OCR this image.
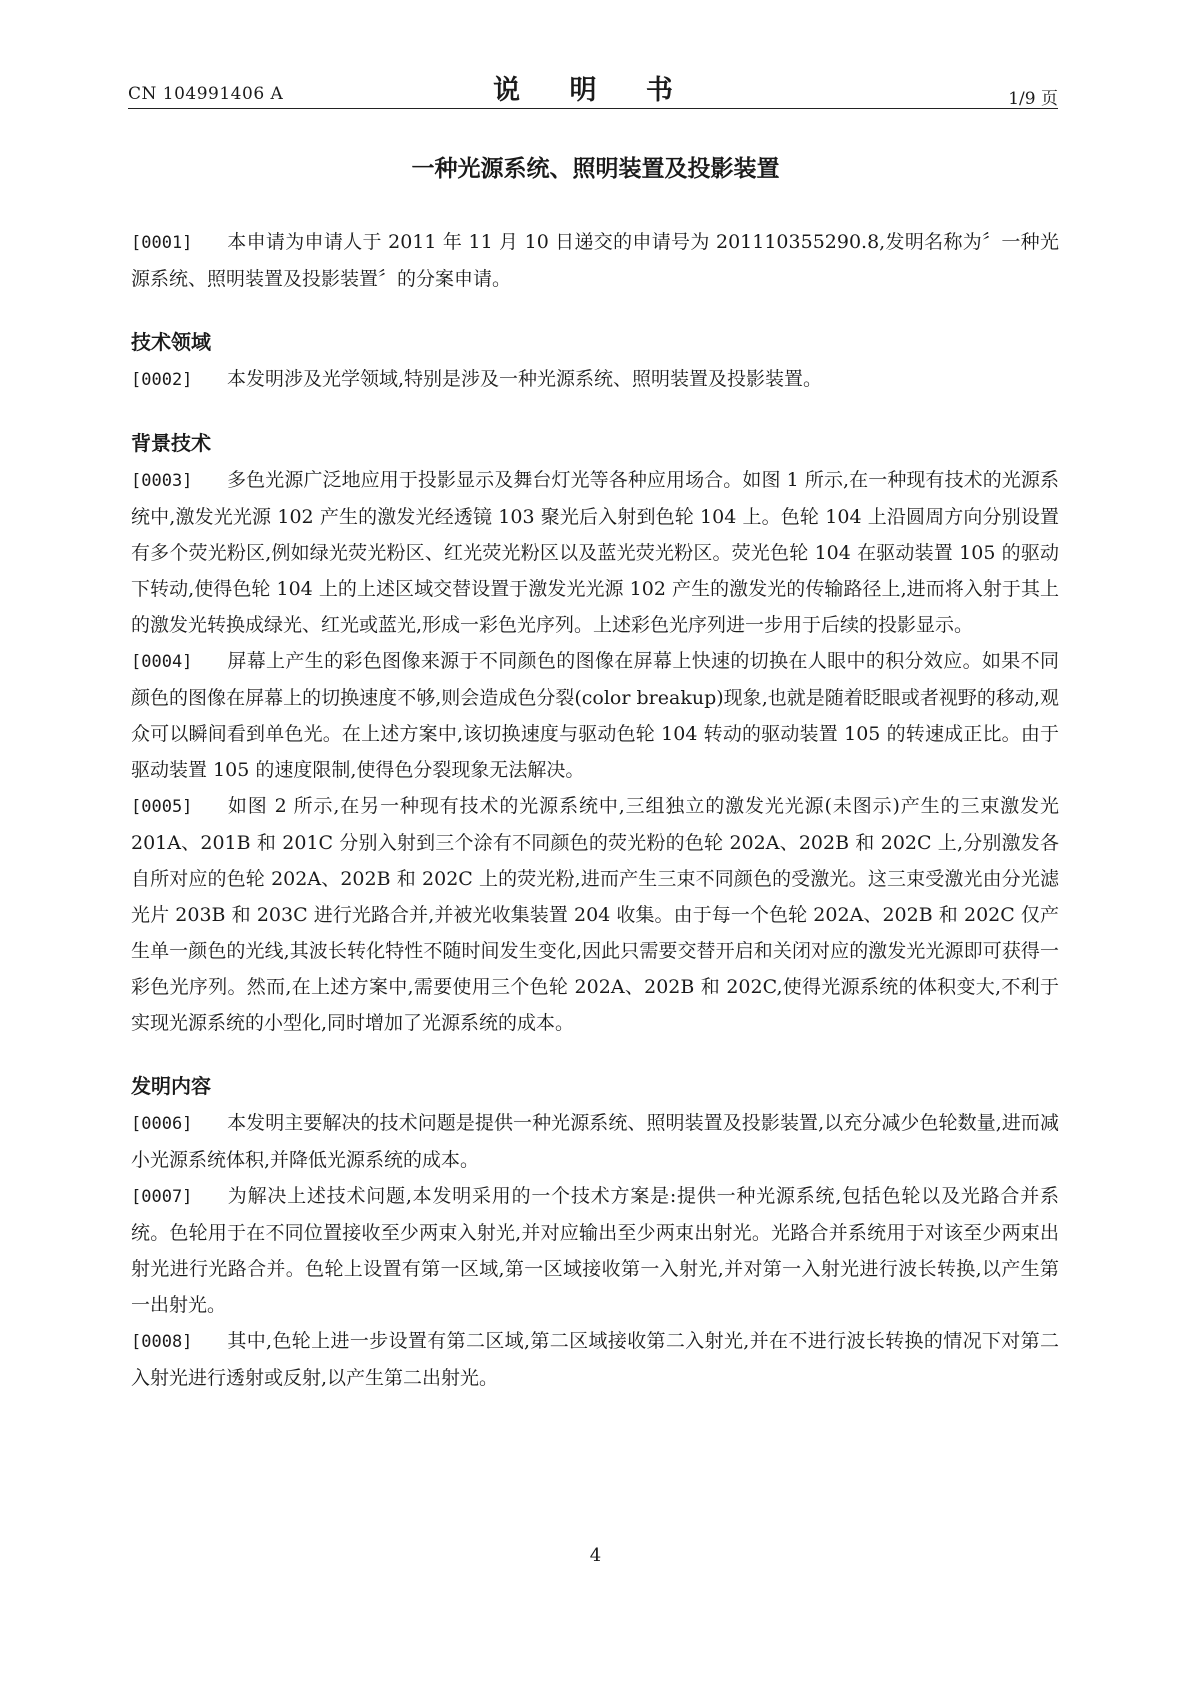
CN 104991406 A	说 明 书	1/9 页
一种光源系统、照明装置及投影装置

[0001] 本申请为申请人于 2011 年 11 月 10 日递交的申请号为 201110355290.8,发明名称为〞一种光源系统、照明装置及投影装置〞的分案申请。

技术领域

[0002] 本发明涉及光学领域,特别是涉及一种光源系统、照明装置及投影装置。

背景技术

[0003] 多色光源广泛地应用于投影显示及舞台灯光等各种应用场合。如图 1 所示,在一种现有技术的光源系统中,激发光光源 102 产生的激发光经透镜 103 聚光后入射到色轮 104 上。色轮 104 上沿圆周方向分别设置有多个荧光粉区,例如绿光荧光粉区、红光荧光粉区以及蓝光荧光粉区。荧光色轮 104 在驱动装置 105 的驱动下转动,使得色轮 104 上的上述区域交替设置于激发光光源 102 产生的激发光的传输路径上,进而将入射于其上的激发光转换成绿光、红光或蓝光,形成一彩色光序列。上述彩色光序列进一步用于后续的投影显示。

[0004] 屏幕上产生的彩色图像来源于不同颜色的图像在屏幕上快速的切换在人眼中的积分效应。如果不同颜色的图像在屏幕上的切换速度不够,则会造成色分裂(color breakup)现象,也就是随着眨眼或者视野的移动,观众可以瞬间看到单色光。在上述方案中,该切换速度与驱动色轮 104 转动的驱动装置 105 的转速成正比。由于驱动装置 105 的速度限制,使得色分裂现象无法解决。

[0005] 如图 2 所示,在另一种现有技术的光源系统中,三组独立的激发光光源(未图示)产生的三束激发光 201A、201B 和 201C 分别入射到三个涂有不同颜色的荧光粉的色轮 202A、202B 和 202C 上,分别激发各自所对应的色轮 202A、202B 和 202C 上的荧光粉,进而产生三束不同颜色的受激光。这三束受激光由分光滤光片 203B 和 203C 进行光路合并,并被光收集装置 204 收集。由于每一个色轮 202A、202B 和 202C 仅产生单一颜色的光线,其波长转化特性不随时间发生变化,因此只需要交替开启和关闭对应的激发光光源即可获得一彩色光序列。然而,在上述方案中,需要使用三个色轮 202A、202B 和 202C,使得光源系统的体积变大,不利于实现光源系统的小型化,同时增加了光源系统的成本。

发明内容

[0006] 本发明主要解决的技术问题是提供一种光源系统、照明装置及投影装置,以充分减少色轮数量,进而减小光源系统体积,并降低光源系统的成本。

[0007] 为解决上述技术问题,本发明采用的一个技术方案是:提供一种光源系统,包括色轮以及光路合并系统。色轮用于在不同位置接收至少两束入射光,并对应输出至少两束出射光。光路合并系统用于对该至少两束出射光进行光路合并。色轮上设置有第一区域,第一区域接收第一入射光,并对第一入射光进行波长转换,以产生第一出射光。

[0008] 其中,色轮上进一步设置有第二区域,第二区域接收第二入射光,并在不进行波长转换的情况下对第二入射光进行透射或反射,以产生第二出射光。

4
